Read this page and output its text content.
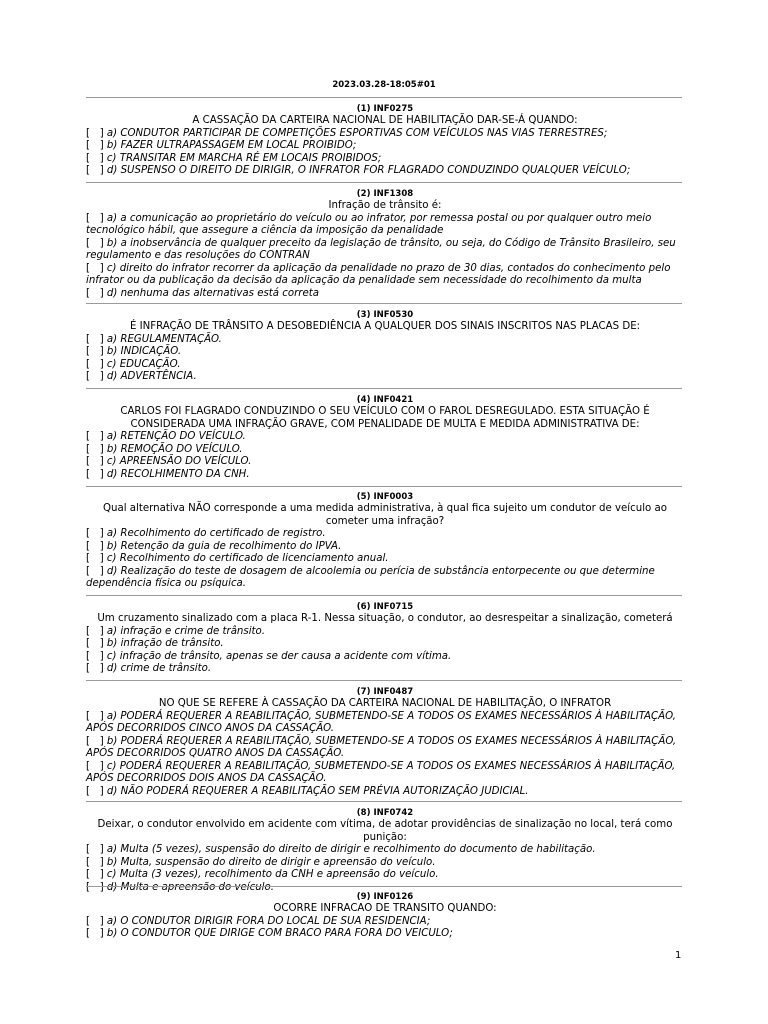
2023.03.28-18:05#01
(1) INF0275
A CASSAÇÃO DA CARTEIRA NACIONAL DE HABILITAÇÃO DAR-SE-Á QUANDO:
[   ] a) CONDUTOR PARTICIPAR DE COMPETIÇÕES ESPORTIVAS COM VEÍCULOS NAS VIAS TERRESTRES;
[   ] b) FAZER ULTRAPASSAGEM EM LOCAL PROIBIDO;
[   ] c) TRANSITAR EM MARCHA RÉ EM LOCAIS PROIBIDOS;
[   ] d) SUSPENSO O DIREITO DE DIRIGIR, O INFRATOR FOR FLAGRADO CONDUZINDO QUALQUER VEÍCULO;
(2) INF1308
Infração de trânsito é:
[   ] a) a comunicação ao proprietário do veículo ou ao infrator, por remessa postal ou por qualquer outro meio tecnológico hábil, que assegure a ciência da imposição da penalidade
[   ] b) a inobservância de qualquer preceito da legislação de trânsito, ou seja, do Código de Trânsito Brasileiro, seu regulamento e das resoluções do CONTRAN
[   ] c) direito do infrator recorrer da aplicação da penalidade no prazo de 30 dias, contados do conhecimento pelo infrator ou da publicação da decisão da aplicação da penalidade sem necessidade do recolhimento da multa
[   ] d) nenhuma das alternativas está correta
(3) INF0530
É INFRAÇÃO DE TRÂNSITO A DESOBEDIÊNCIA A QUALQUER DOS SINAIS INSCRITOS NAS PLACAS DE:
[   ] a) REGULAMENTAÇÃO.
[   ] b) INDICAÇÃO.
[   ] c) EDUCAÇÃO.
[   ] d) ADVERTÊNCIA.
(4) INF0421
CARLOS FOI FLAGRADO CONDUZINDO O SEU VEÍCULO COM O FAROL DESREGULADO. ESTA SITUAÇÃO É CONSIDERADA UMA INFRAÇÃO GRAVE, COM PENALIDADE DE MULTA E MEDIDA ADMINISTRATIVA DE:
[   ] a) RETENÇÃO DO VEÍCULO.
[   ] b) REMOÇÃO DO VEÍCULO.
[   ] c) APREENSÃO DO VEÍCULO.
[   ] d) RECOLHIMENTO DA CNH.
(5) INF0003
Qual alternativa NÃO corresponde a uma medida administrativa, à qual fica sujeito um condutor de veículo ao cometer uma infração?
[   ] a) Recolhimento do certificado de registro.
[   ] b) Retenção da guia de recolhimento do IPVA.
[   ] c) Recolhimento do certificado de licenciamento anual.
[   ] d) Realização do teste de dosagem de alcoolemia ou perícia de substância entorpecente ou que determine dependência física ou psíquica.
(6) INF0715
Um cruzamento sinalizado com a placa R-1. Nessa situação, o condutor, ao desrespeitar a sinalização, cometerá
[   ] a) infração e crime de trânsito.
[   ] b) infração de trânsito.
[   ] c) infração de trânsito, apenas se der causa a acidente com vítima.
[   ] d) crime de trânsito.
(7) INF0487
NO QUE SE REFERE À CASSAÇÃO DA CARTEIRA NACIONAL DE HABILITAÇÃO, O INFRATOR
[   ] a) PODERÁ REQUERER A REABILITAÇÃO, SUBMETENDO-SE A TODOS OS EXAMES NECESSÁRIOS À HABILITAÇÃO, APÓS DECORRIDOS CINCO ANOS DA CASSAÇÃO.
[   ] b) PODERÁ REQUERER A REABILITAÇÃO, SUBMETENDO-SE A TODOS OS EXAMES NECESSÁRIOS À HABILITAÇÃO, APÓS DECORRIDOS QUATRO ANOS DA CASSAÇÃO.
[   ] c) PODERÁ REQUERER A REABILITAÇÃO, SUBMETENDO-SE A TODOS OS EXAMES NECESSÁRIOS À HABILITAÇÃO, APÓS DECORRIDOS DOIS ANOS DA CASSAÇÃO.
[   ] d) NÃO PODERÁ REQUERER A REABILITAÇÃO SEM PRÉVIA AUTORIZAÇÃO JUDICIAL.
(8) INF0742
Deixar, o condutor envolvido em acidente com vítima, de adotar providências de sinalização no local, terá como punição:
[   ] a) Multa (5 vezes), suspensão do direito de dirigir e recolhimento do documento de habilitação.
[   ] b) Multa, suspensão do direito de dirigir e apreensão do veículo.
[   ] c) Multa (3 vezes), recolhimento da CNH e apreensão do veículo.
[   ] d) Multa e apreensão do veículo.
(9) INF0126
OCORRE INFRACAO DE TRANSITO QUANDO:
[   ] a) O CONDUTOR DIRIGIR FORA DO LOCAL DE SUA RESIDENCIA;
[   ] b) O CONDUTOR QUE DIRIGE COM BRACO PARA FORA DO VEICULO;
1
